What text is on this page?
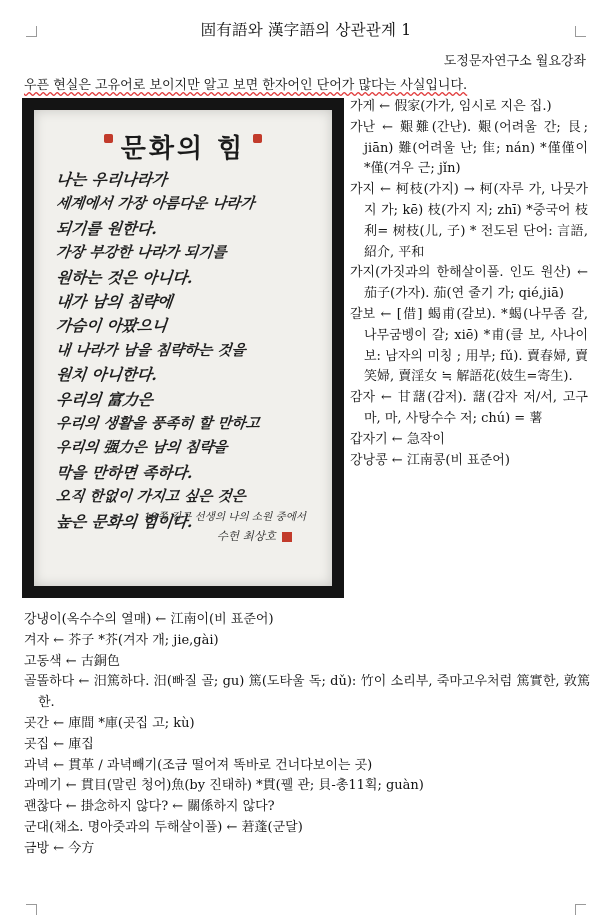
固有語와 漢字語의 상관관계 1
도정문자연구소 월요강좌
우픈 현실은 고유어로 보이지만 알고 보면 한자어인 단어가 많다는 사실입니다.
문화의 힘
나는 우리나라가
세계에서 가장 아름다운 나라가
되기를 원한다.
가장 부강한 나라가 되기를
원하는 것은 아니다.
내가 남의 침략에
가슴이 아팠으니
내 나라가 남을 침략하는 것을
원치 아니한다.
우리의 富力은
우리의 생활을 풍족히 할 만하고
우리의 强力은 남의 침략을
막을 만하면 족하다.
오직 한없이 가지고 싶은 것은
높은 문화의 힘이다.
18쪽 김구 선생의 나의 소원 중에서
수헌 최상호
가게 ← 假家(가가, 임시로 지은 집.)
가난 ← 艱難(간난). 艱(어려울 간; 艮; jiān) 難(어려울 난; 隹; nán) *僅僅이 *僅(겨우 근; jǐn)
가지 ← 柯枝(가지) → 柯(자루 가, 나뭇가지 가; kē) 枝(가지 지; zhī) *중국어 枝利= 树枝(儿, 子) * 전도된 단어: 言語, 紹介, 平和
가지(가짓과의 한해살이풀. 인도 원산) ← 茄子(가자). 茄(연 줄기 가; qié,jiā)
갈보 ← [借] 蝎甫(갈보). *蝎(나무좀 갈, 나무굼벵이 갈; xiē) *甫(클 보, 사나이 보: 남자의 미칭 ; 用부; fǔ). 賣春婦, 賣笑婦, 賣淫女 ≒ 解語花(妓生=寄生).
감자 ← 甘藷(감저). 藷(감자 저/서, 고구마, 마, 사탕수수 저; chú) = 薯
갑자기 ← 急작이
강낭콩 ← 江南콩(비 표준어)
강냉이(옥수수의 열매) ← 江南이(비 표준어)
겨자 ← 芥子 *芥(겨자 개; jie,gài)
고동색 ← 古銅色
골똘하다 ← 汨篤하다. 汨(빠질 골; gu) 篤(도타울 독; dǔ): 竹이 소리부, 죽마고우처럼 篤實한, 敦篤한.
곳간 ← 庫間 *庫(곳집 고; kù)
곳집 ← 庫집
과녁 ← 貫革 / 과녁빼기(조금 떨어져 똑바로 건너다보이는 곳)
과메기 ← 貫目(말린 청어)魚(by 진태하) *貫(꿸 관; 貝-총11획; guàn)
괜찮다 ← 掛念하지 않다? ← 關係하지 않다?
군대(채소. 명아줏과의 두해살이풀) ← 莙蓬(군달)
금방 ← 今方
